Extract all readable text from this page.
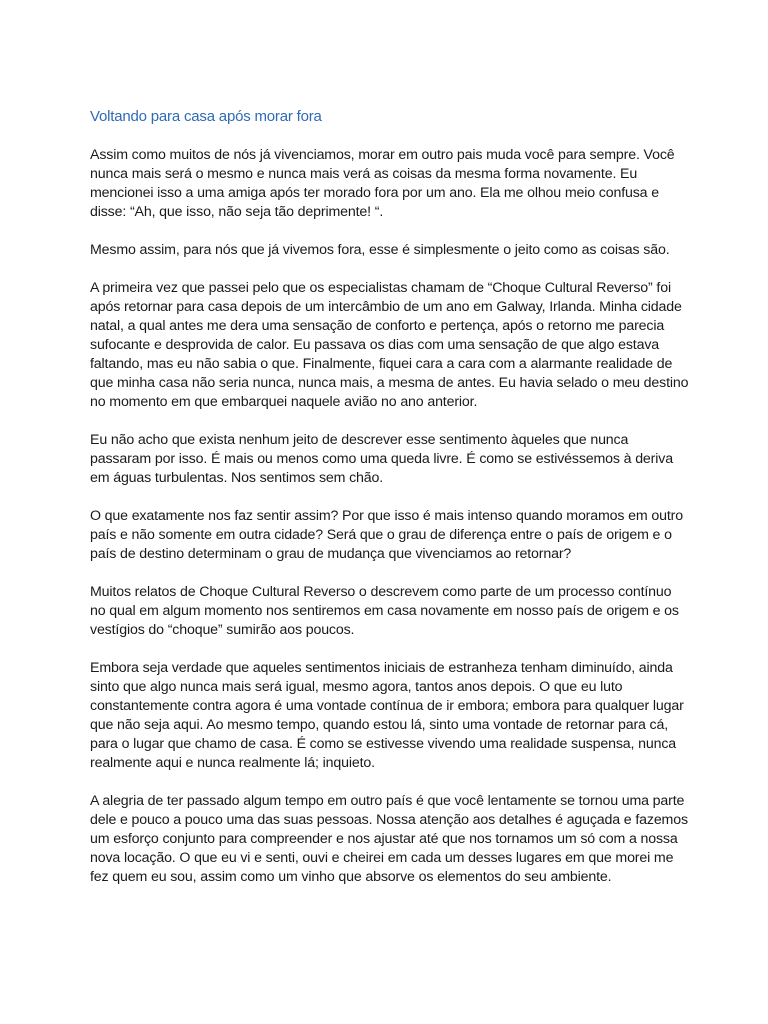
Voltando para casa após morar fora

Assim como muitos de nós já vivenciamos, morar em outro pais muda você para sempre. Você nunca mais será o mesmo e nunca mais verá as coisas da mesma forma novamente. Eu mencionei isso a uma amiga após ter morado fora por um ano. Ela me olhou meio confusa e disse: “Ah, que isso, não seja tão deprimente! “.

Mesmo assim, para nós que já vivemos fora, esse é simplesmente o jeito como as coisas são.

A primeira vez que passei pelo que os especialistas chamam de “Choque Cultural Reverso” foi após retornar para casa depois de um intercâmbio de um ano em Galway, Irlanda. Minha cidade natal, a qual antes me dera uma sensação de conforto e pertença, após o retorno me parecia sufocante e desprovida de calor. Eu passava os dias com uma sensação de que algo estava faltando, mas eu não sabia o que. Finalmente, fiquei cara a cara com a alarmante realidade de que minha casa não seria nunca, nunca mais, a mesma de antes. Eu havia selado o meu destino no momento em que embarquei naquele avião no ano anterior.

Eu não acho que exista nenhum jeito de descrever esse sentimento àqueles que nunca passaram por isso. É mais ou menos como uma queda livre. É como se estivéssemos à deriva em águas turbulentas. Nos sentimos sem chão.

O que exatamente nos faz sentir assim? Por que isso é mais intenso quando moramos em outro país e não somente em outra cidade? Será que o grau de diferença entre o país de origem e o país de destino determinam o grau de mudança que vivenciamos ao retornar?

Muitos relatos de Choque Cultural Reverso o descrevem como parte de um processo contínuo no qual em algum momento nos sentiremos em casa novamente em nosso país de origem e os vestígios do “choque” sumirão aos poucos.

Embora seja verdade que aqueles sentimentos iniciais de estranheza tenham diminuído, ainda sinto que algo nunca mais será igual, mesmo agora, tantos anos depois. O que eu luto constantemente contra agora é uma vontade contínua de ir embora; embora para qualquer lugar que não seja aqui. Ao mesmo tempo, quando estou lá, sinto uma vontade de retornar para cá, para o lugar que chamo de casa. É como se estivesse vivendo uma realidade suspensa, nunca realmente aqui e nunca realmente lá; inquieto.

A alegria de ter passado algum tempo em outro país é que você lentamente se tornou uma parte dele e pouco a pouco uma das suas pessoas. Nossa atenção aos detalhes é aguçada e fazemos um esforço conjunto para compreender e nos ajustar até que nos tornamos um só com a nossa nova locação. O que eu vi e senti, ouvi e cheirei em cada um desses lugares em que morei me fez quem eu sou, assim como um vinho que absorve os elementos do seu ambiente.
